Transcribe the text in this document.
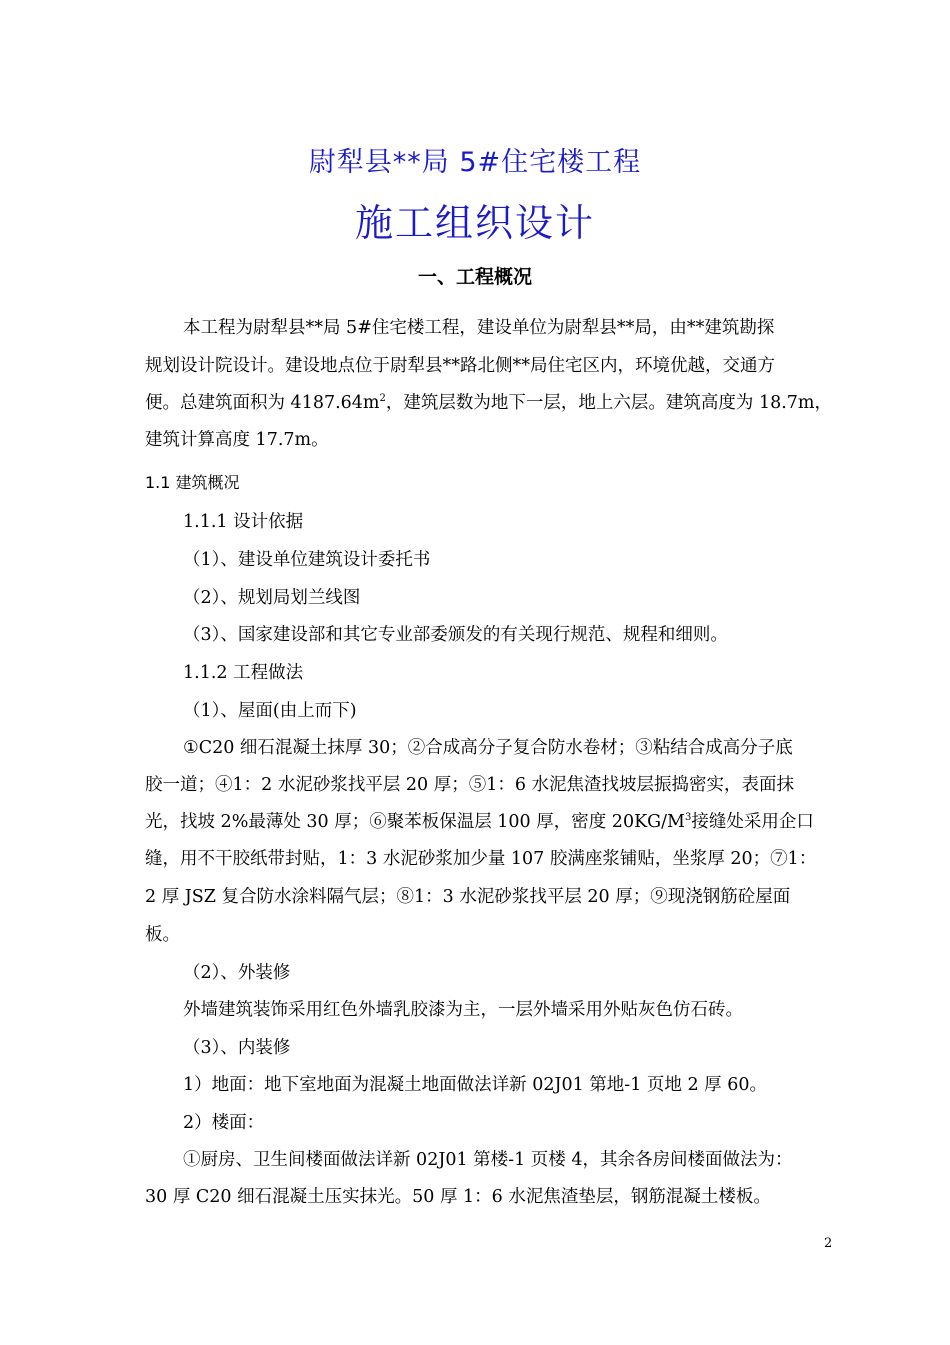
尉犁县**局 5#住宅楼工程
施工组织设计
一、工程概况
本工程为尉犁县**局 5#住宅楼工程，建设单位为尉犁县**局，由**建筑勘探
规划设计院设计。建设地点位于尉犁县**路北侧**局住宅区内，环境优越，交通方
便。总建筑面积为 $4187.64m^2$，建筑层数为地下一层，地上六层。建筑高度为 18.7m，
建筑计算高度 17.7m。
1.1 建筑概况
1.1.1 设计依据
（1）、建设单位建筑设计委托书
（2）、规划局划兰线图
（3）、国家建设部和其它专业部委颁发的有关现行规范、规程和细则。
1.1.2 工程做法
（1）、屋面(由上而下)
①C20 细石混凝土抹厚 30；②合成高分子复合防水卷材；③粘结合成高分子底
胶一道；④1：2 水泥砂浆找平层 20 厚；⑤1：6 水泥焦渣找坡层振捣密实，表面抹
光，找坡 2%最薄处 30 厚；⑥聚苯板保温层 100 厚，密度 $20KG/M^3$接缝处采用企口
缝，用不干胶纸带封贴，1：3 水泥砂浆加少量 107 胶满座浆铺贴，坐浆厚 20；⑦1：
2 厚 JSZ 复合防水涂料隔气层；⑧1：3 水泥砂浆找平层 20 厚；⑨现浇钢筋砼屋面
板。
（2）、外装修
外墙建筑装饰采用红色外墙乳胶漆为主，一层外墙采用外贴灰色仿石砖。
（3）、内装修
1）地面：地下室地面为混凝土地面做法详新 02J01 第地-1 页地 2 厚 60。
2）楼面：
①厨房、卫生间楼面做法详新 02J01 第楼-1 页楼 4，其余各房间楼面做法为：
30 厚 C20 细石混凝土压实抹光。50 厚 1：6 水泥焦渣垫层，钢筋混凝土楼板。
2
